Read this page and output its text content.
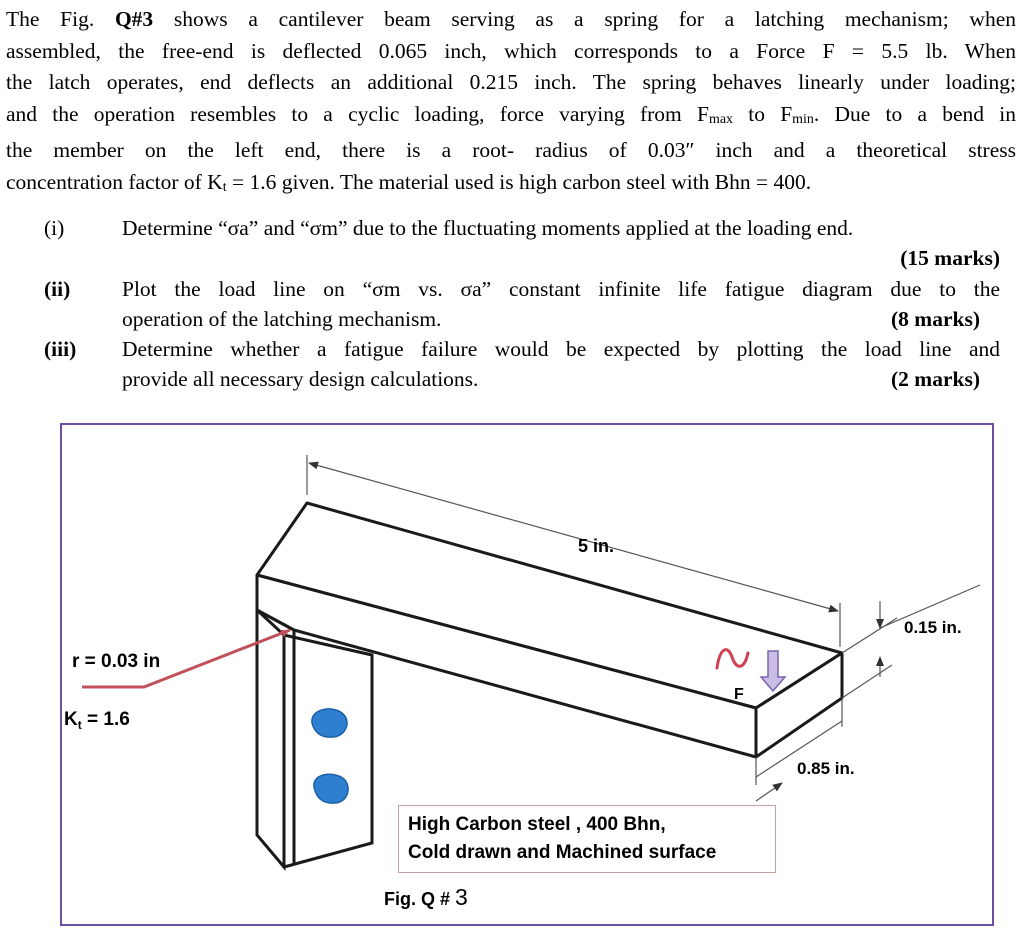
The Fig. Q#3 shows a cantilever beam serving as a spring for a latching mechanism; when
assembled, the free-end is deflected 0.065 inch, which corresponds to a Force F = 5.5 lb. When
the latch operates, end deflects an additional 0.215 inch. The spring behaves linearly under loading;
and the operation resembles to a cyclic loading, force varying from $F_{max}$ to $F_{min}$. Due to a bend in
the member on the left end, there is a root- radius of 0.03″ inch and a theoretical stress
concentration factor of $K_t = 1.6$ given. The material used is high carbon steel with Bhn = 400.
(i)	Determine “σa” and “σm” due to the fluctuating moments applied at the loading end.
(15 marks)
(ii) Plot the load line on “σm vs. σa” constant infinite life fatigue diagram due to the
operation of the latching mechanism.	(8 marks)
(iii) Determine whether a fatigue failure would be expected by plotting the load line and
provide all necessary design calculations.	(2 marks)
5 in.
0.15 in.
0.85 in.
F
r = 0.03 in
$K_t = 1.6$
High Carbon steel , 400 Bhn,
Cold drawn and Machined surface
Fig. Q # 3
